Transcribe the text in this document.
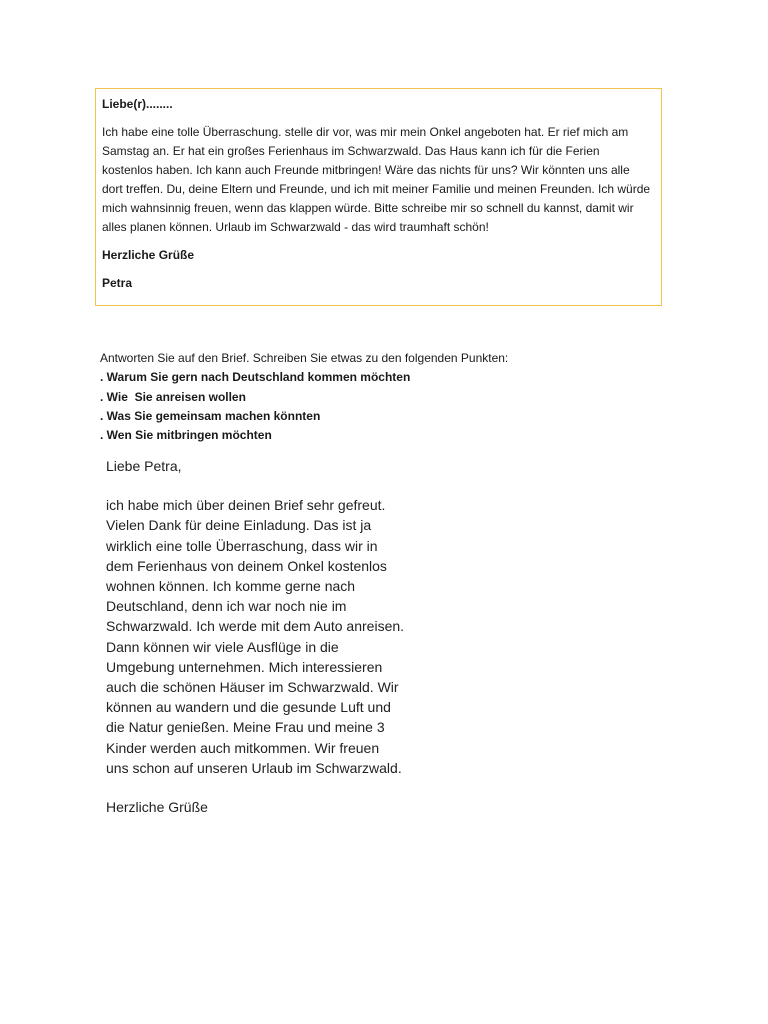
Liebe(r)........

Ich habe eine tolle Überraschung. stelle dir vor, was mir mein Onkel angeboten hat. Er rief mich am Samstag an. Er hat ein großes Ferienhaus im Schwarzwald. Das Haus kann ich für die Ferien kostenlos haben. Ich kann auch Freunde mitbringen! Wäre das nichts für uns? Wir könnten uns alle dort treffen. Du, deine Eltern und Freunde, und ich mit meiner Familie und meinen Freunden. Ich würde mich wahnsinnig freuen, wenn das klappen würde. Bitte schreibe mir so schnell du kannst, damit wir alles planen können. Urlaub im Schwarzwald - das wird traumhaft schön!

Herzliche Grüße

Petra

Antworten Sie auf den Brief. Schreiben Sie etwas zu den folgenden Punkten:

. Warum Sie gern nach Deutschland kommen möchten
. Wie  Sie anreisen wollen
. Was Sie gemeinsam machen könnten
. Wen Sie mitbringen möchten

Liebe Petra,

ich habe mich über deinen Brief sehr gefreut.
Vielen Dank für deine Einladung. Das ist ja
wirklich eine tolle Überraschung, dass wir in
dem Ferienhaus von deinem Onkel kostenlos
wohnen können. Ich komme gerne nach
Deutschland, denn ich war noch nie im
Schwarzwald. Ich werde mit dem Auto anreisen.
Dann können wir viele Ausflüge in die
Umgebung unternehmen. Mich interessieren
auch die schönen Häuser im Schwarzwald. Wir
können au wandern und die gesunde Luft und
die Natur genießen. Meine Frau und meine 3
Kinder werden auch mitkommen. Wir freuen
uns schon auf unseren Urlaub im Schwarzwald.

Herzliche Grüße
